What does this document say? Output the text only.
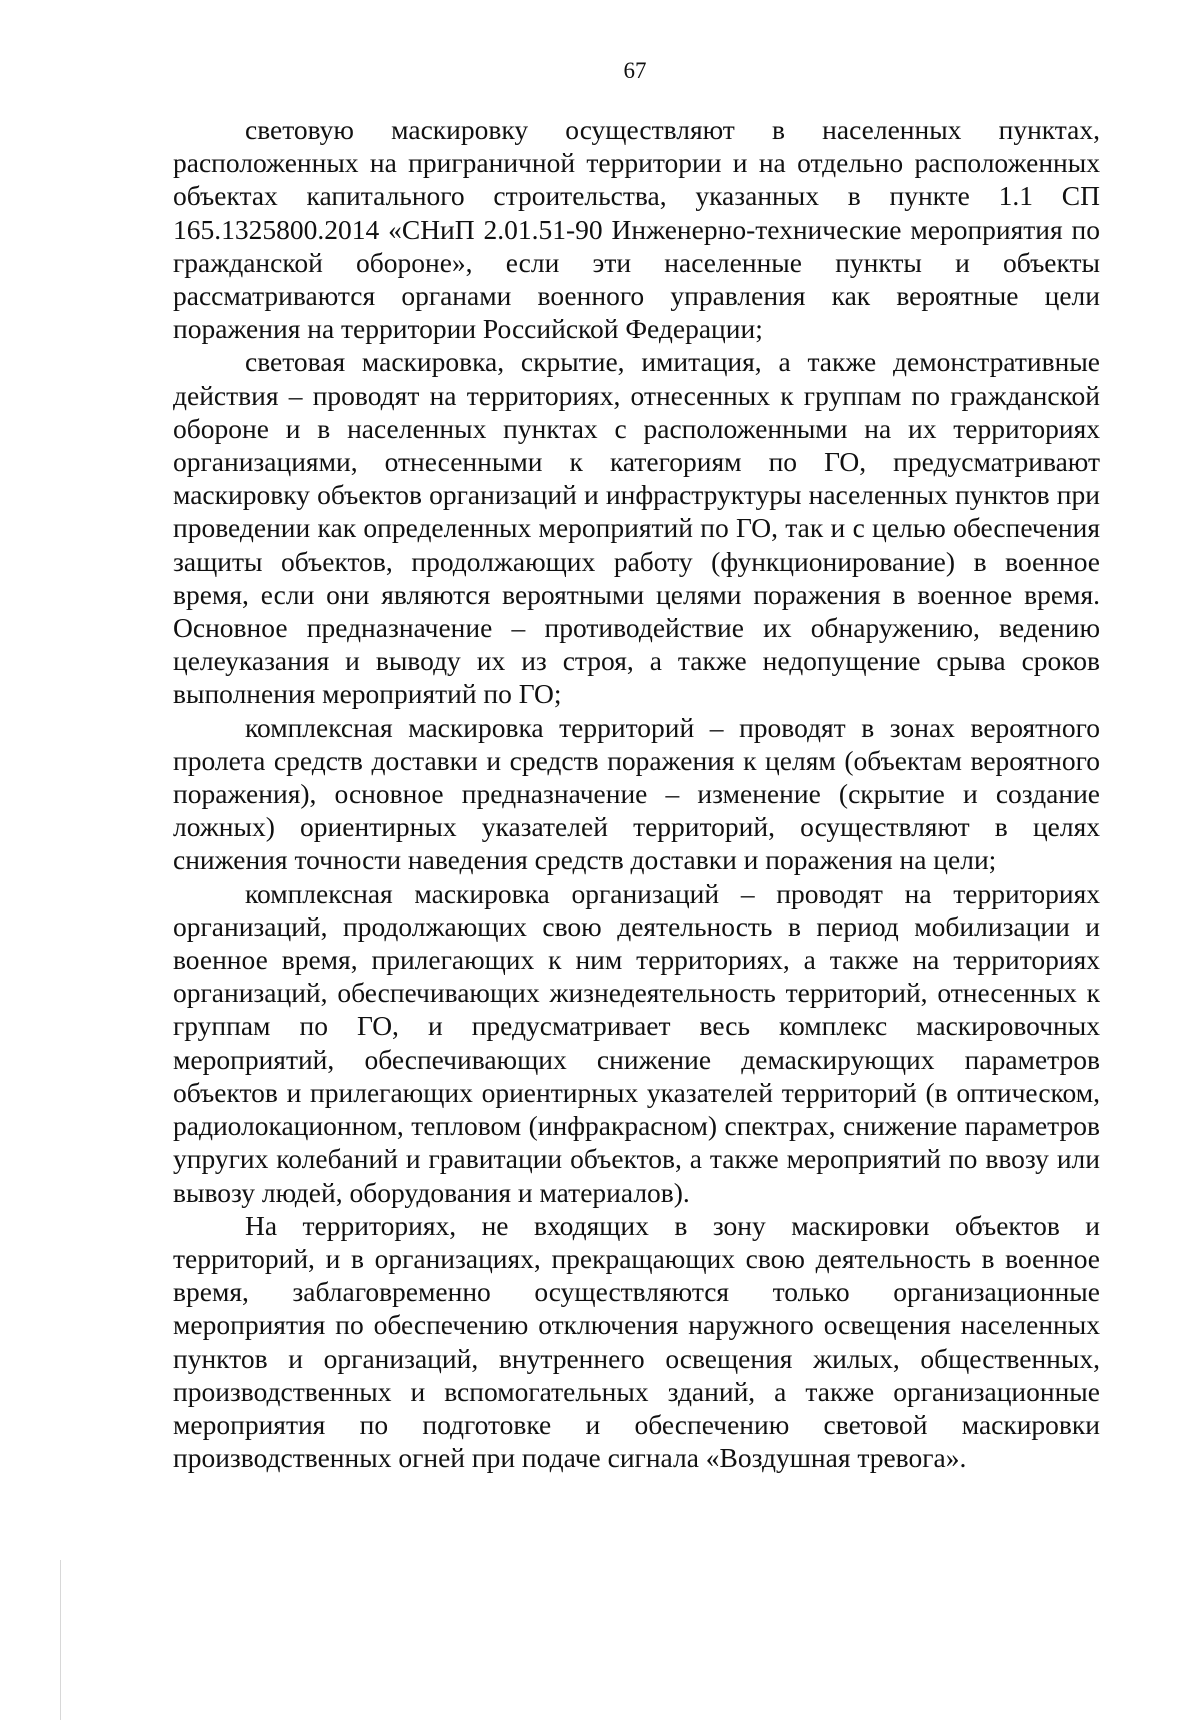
67

световую маскировку осуществляют в населенных пунктах, расположенных на приграничной территории и на отдельно расположенных объектах капитального строительства, указанных в пункте 1.1 СП 165.1325800.2014 «СНиП 2.01.51-90 Инженерно-технические мероприятия по гражданской обороне», если эти населенные пункты и объекты рассматриваются органами военного управления как вероятные цели поражения на территории Российской Федерации;

световая маскировка, скрытие, имитация, а также демонстративные действия – проводят на территориях, отнесенных к группам по гражданской обороне и в населенных пунктах с расположенными на их территориях организациями, отнесенными к категориям по ГО, предусматривают маскировку объектов организаций и инфраструктуры населенных пунктов при проведении как определенных мероприятий по ГО, так и с целью обеспечения защиты объектов, продолжающих работу (функционирование) в военное время, если они являются вероятными целями поражения в военное время. Основное предназначение – противодействие их обнаружению, ведению целеуказания и выводу их из строя, а также недопущение срыва сроков выполнения мероприятий по ГО;

комплексная маскировка территорий – проводят в зонах вероятного пролета средств доставки и средств поражения к целям (объектам вероятного поражения), основное предназначение – изменение (скрытие и создание ложных) ориентирных указателей территорий, осуществляют в целях снижения точности наведения средств доставки и поражения на цели;

комплексная маскировка организаций – проводят на территориях организаций, продолжающих свою деятельность в период мобилизации и военное время, прилегающих к ним территориях, а также на территориях организаций, обеспечивающих жизнедеятельность территорий, отнесенных к группам по ГО, и предусматривает весь комплекс маскировочных мероприятий, обеспечивающих снижение демаскирующих параметров объектов и прилегающих ориентирных указателей территорий (в оптическом, радиолокационном, тепловом (инфракрасном) спектрах, снижение параметров упругих колебаний и гравитации объектов, а также мероприятий по ввозу или вывозу людей, оборудования и материалов).

На территориях, не входящих в зону маскировки объектов и территорий, и в организациях, прекращающих свою деятельность в военное время, заблаговременно осуществляются только организационные мероприятия по обеспечению отключения наружного освещения населенных пунктов и организаций, внутреннего освещения жилых, общественных, производственных и вспомогательных зданий, а также организационные мероприятия по подготовке и обеспечению световой маскировки производственных огней при подаче сигнала «Воздушная тревога».
